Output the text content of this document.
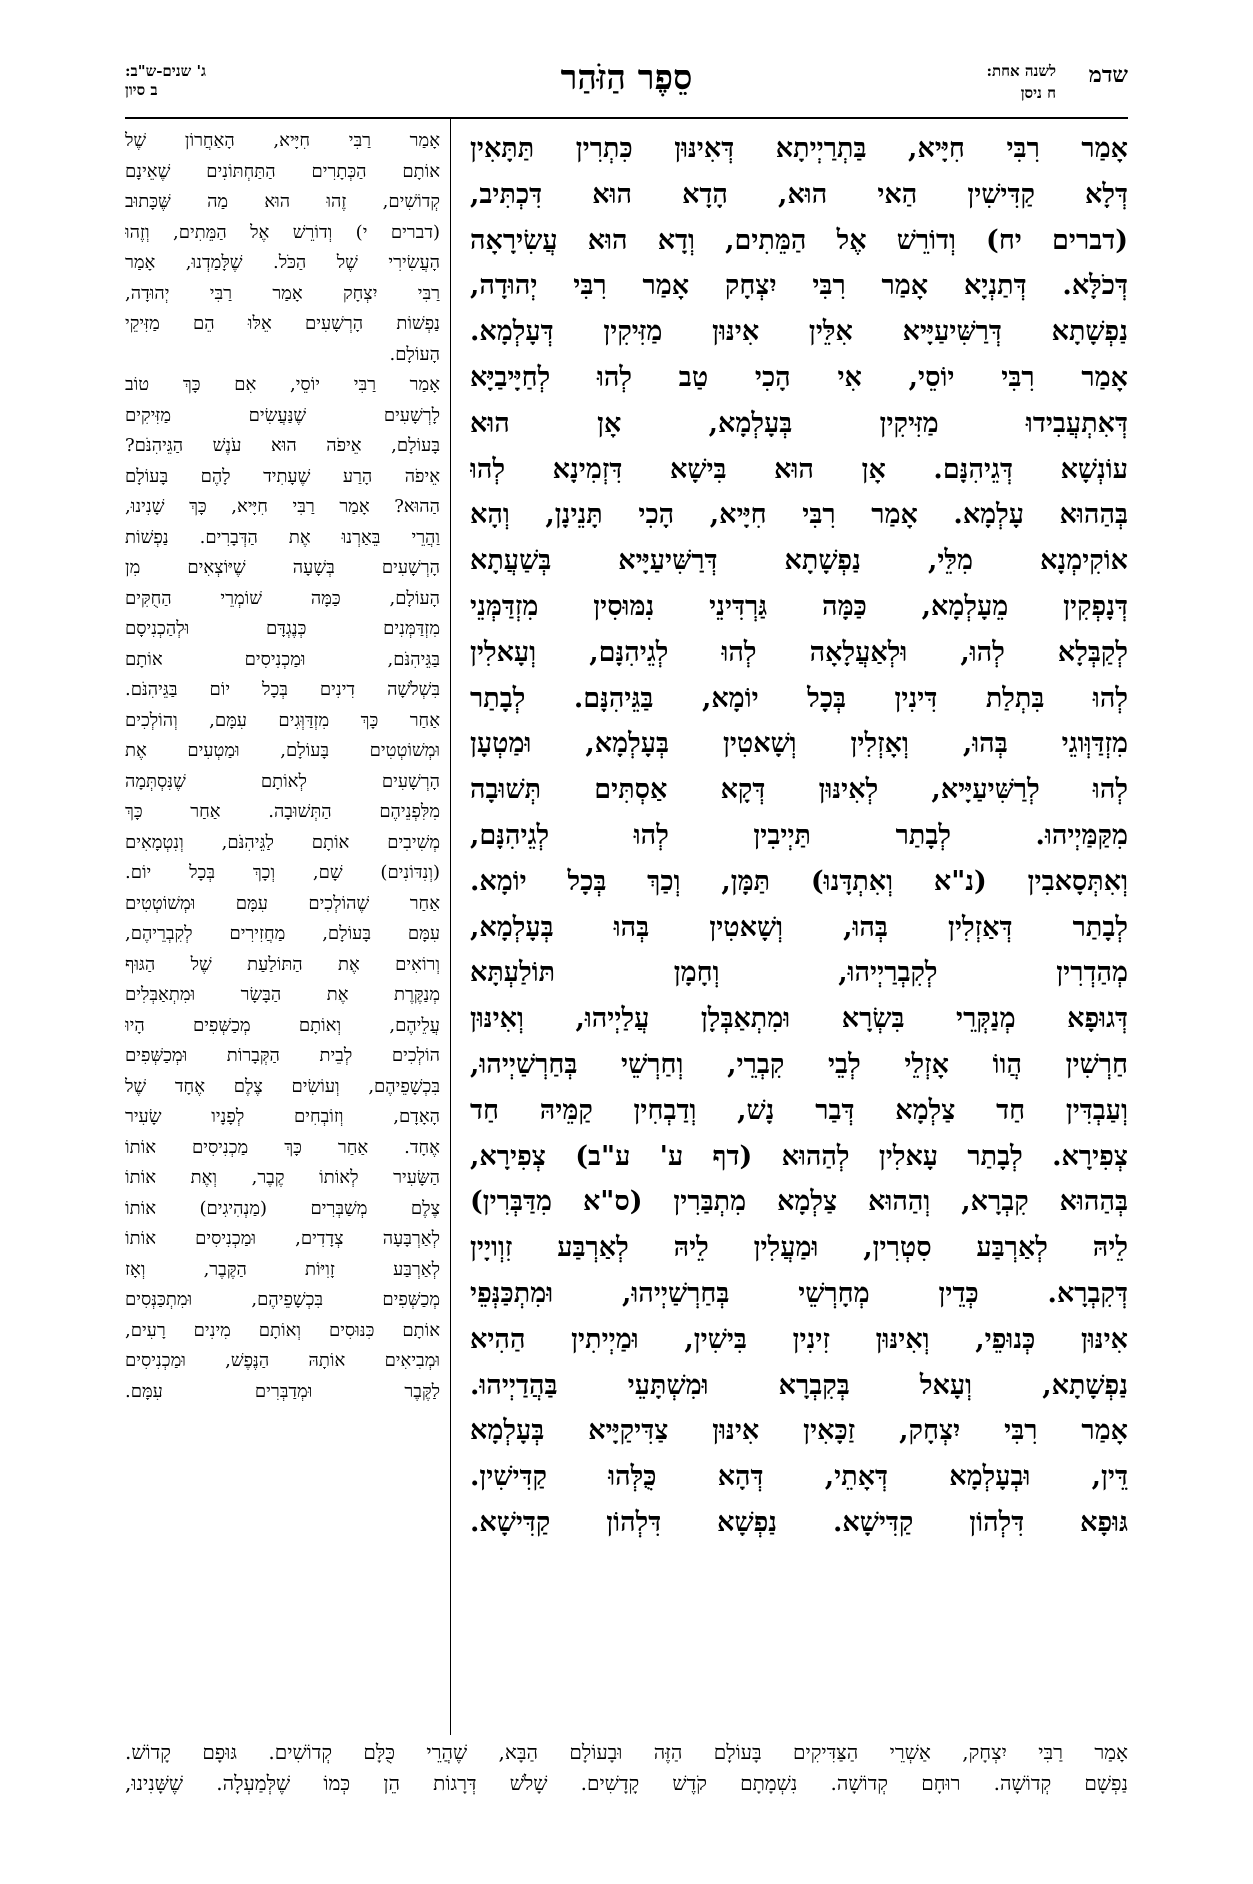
שדמ
לשנה אחת:
ח ניסן
סֵפֶר הַזֹּהַר
ג' שנים-ש"ב:
ב סיון
אָמַר רִבִּי חִיָּיא, בַּתְרַיְיתָא דְּאִינּוּן כִּתְרִין תַּתָּאִין
דְּלָא קַדִּישִׁין הַאי הוּא, הָדָא הוּא דִּכְתִּיב,
(דברים יח) וְדוֹרֵשׁ אֶל הַמֵּתִים, וְדָא הוּא עֲשִׂירָאָה
דְּכֹלָּא. דְּתַנְיָא אָמַר רִבִּי יִצְחָק אָמַר רִבִּי יְהוּדָה,
נַפְשָׁתָא דְּרַשִּׁיעַיָּיא אִלֵּין אִינּוּן מַזִּיקִין דְּעָלְמָא.
אָמַר רִבִּי יוֹסֵי, אִי הָכִי טַב לְהוּ לְחַיָּיבַיָּא
דְּאִתְעֲבִידוּ מַזִּיקִין בְּעָלְמָא, אָן הוּא
עוֹנְשָׁא דְּגֵיהִנָּם. אָן הוּא בִּישָׁא דִּזְמִינָא לְהוּ
בְּהַהוּא עָלְמָא. אָמַר רִבִּי חִיָּיא, הָכִי תָּנֵינָן, וְהָא
אוֹקִימְנָא מִלֵּי, נַפְשָׁתָא דְּרַשִּׁיעַיָּיא בְּשַׁעֲתָא
דְּנָפְקִין מֵעָלְמָא, כַּמָּה גַּרְדִּינֵי נִמּוּסִין מִזְדַּמְּנֵי
לְקַבְּלָא לְהוּ, וּלְאַעֲלָאָה לְהוּ לְגֵיהִנָּם, וְעָאלִין
לְהוּ בִּתְלַת דִּינִין בְּכָל יוֹמָא, בַּגֵּיהִנָּם. לְבָתַר
מִזְדַּוְּוגֵי בְּהוּ, וְאָזְלִין וְשָׁאטִין בְּעָלְמָא, וּמַטְעָן
לְהוּ לְרַשִּׁיעַיָּיא, לְאִינּוּן דְּקָא אַסְתִּים תְּשׁוּבָה
מִקַּמַּיְיהוּ. לְבָתַר תַּיְיבִין לְהוּ לְגֵיהִנָּם,
וְאִתְּסָאבִין (נ"א וְאִתְדָּנוּ) תַּמָּן, וְכַךְ בְּכָל יוֹמָא.
לְבָתַר דְּאַזְלִין בְּהוּ, וְשָׁאטִין בְּהוּ בְּעָלְמָא,
מְהַדְרִין לְקִבְרַיְיהוּ, וְחָמָן תּוֹלַעְתָּא
דְּגוּפָא מְנַקְּרֵי בִּשְׂרָא וּמִתְאַבְּלָן עֲלַיְיהוּ, וְאִינּוּן
חַרְשִׁין הֲווֹ אָזְלֵי לְבֵי קִבְרֵי, וְחַרְשֵׁי בְּחַרְשַׁיְיהוּ,
וְעַבְדִּין חַד צַלְמָא דְּבַר נָשׁ, וְדַבְחִין קַמֵּיהּ חַד
צְפִירָא. לְבָתַר עָאלִין לְהַהוּא (דף ע' ע"ב) צְפִירָא,
בְּהַהוּא קִבְרָא, וְהַהוּא צַלְמָא מִתְבַּרִין (ס"א מִדַּבְּרִין)
לֵיהּ לְאַרְבַּע סִטְרִין, וּמַעֲלִין לֵיהּ לְאַרְבַּע זִוְויָין
דְּקִבְרָא. כְּדֵין מְחָרְשֵׁי בְּחַרְשַׁיְיהוּ, וּמִתְכַּנְּפֵי
אִינּוּן כְּנוּפֵי, וְאִינּוּן זִינִין בִּישִׁין, וּמַיְיתִין הַהִיא
נַפְשָׁתָא, וְעָאל בְּקִבְרָא וּמִשְׁתָּעֵי בַּהֲדַיְיהוּ.
אָמַר רִבִּי יִצְחָק, זַכָּאִין אִינּוּן צַדִּיקַיָּיא בְּעָלְמָא
דֵּין, וּבְעָלְמָא דְּאָתֵי, דְּהָא כֻּלְּהוּ קַדִּישִׁין.
גּוּפָא דִּלְהוֹן קַדִּישָׁא. נַפְשָׁא דִּלְהוֹן קַדִּישָׁא.
אָמַר רַבִּי חִיָּיא, הָאַחֲרוֹן שֶׁל
אוֹתָם הַכְּתָרִים הַתַּחְתּוֹנִים שֶׁאֵינָם
קְדוֹשִׁים, זֶהוּ הוּא מַה שֶּׁכָּתוּב
(דברים י) וְדוֹרֵשׁ אֶל הַמֵּתִים, וְזֶהוּ
הָעֲשִׂירִי שֶׁל הַכֹּל. שֶׁלָּמַדְנוּ, אָמַר
רַבִּי יִצְחָק אָמַר רַבִּי יְהוּדָה,
נַפְשׁוֹת הָרְשָׁעִים אֵלּוּ הֵם מַזִּיקֵי
הָעוֹלָם.
אָמַר רַבִּי יוֹסֵי, אִם כָּךְ טוֹב
לָרְשָׁעִים שֶׁנַּעֲשִׂים מַזִּיקִים
בָּעוֹלָם, אֵיפֹה הוּא עֹנֶשׁ הַגֵּיהִנֹּם?
אֵיפֹה הָרַע שֶׁעָתִיד לָהֶם בָּעוֹלָם
הַהוּא? אָמַר רַבִּי חִיָּיא, כָּךְ שָׁנִינוּ,
וַהֲרֵי בֵּאַרְנוּ אֶת הַדְּבָרִים. נַפְשׁוֹת
הָרְשָׁעִים בְּשָׁעָה שֶׁיּוֹצְאִים מִן
הָעוֹלָם, כַּמָּה שׁוֹמְרֵי הַחֻקִּים
מִזְדַּמְּנִים כְּנֶגְדָּם וּלְהַכְנִיסָם
בַּגֵּיהִנֹּם, וּמַכְנִיסִים אוֹתָם
בִּשְׁלֹשָׁה דִינִים בְּכָל יוֹם בַּגֵּיהִנֹּם.
אַחַר כָּךְ מִזְדַּוְּגִים עִמָּם, וְהוֹלְכִים
וּמְשׁוֹטְטִים בָּעוֹלָם, וּמַטְעִים אֶת
הָרְשָׁעִים לְאוֹתָם שֶׁנִּסְתְּמָה
מִלִּפְנֵיהֶם הַתְּשׁוּבָה. אַחַר כָּךְ
מְשִׁיבִים אוֹתָם לַגֵּיהִנֹּם, וְנִטְמָאִים
(וְנִדּוֹנִים) שָׁם, וְכָךְ בְּכָל יוֹם.
אַחַר שֶׁהוֹלְכִים עִמָּם וּמְשׁוֹטְטִים
עִמָּם בָּעוֹלָם, מַחֲזִירִים לְקִבְרֵיהֶם,
וְרוֹאִים אֶת הַתּוֹלַעַת שֶׁל הַגּוּף
מְנַקֶּרֶת אֶת הַבָּשָׂר וּמִתְאַבְּלִים
עֲלֵיהֶם, וְאוֹתָם מְכַשְּׁפִים הָיוּ
הוֹלְכִים לְבֵית הַקְּבָרוֹת וּמְכַשְּׁפִים
בִּכְשָׁפֵיהֶם, וְעוֹשִׂים צֶלֶם אֶחָד שֶׁל
הָאָדָם, וְזוֹבְחִים לְפָנָיו שָׂעִיר
אֶחָד. אַחַר כָּךְ מַכְנִיסִים אוֹתוֹ
הַשָּׂעִיר לְאוֹתוֹ קֶבֶר, וְאֶת אוֹתוֹ
צֶלֶם מְשַׁבְּרִים (מַנְהִיגִים) אוֹתוֹ
לְאַרְבָּעָה צְדָדִים, וּמַכְנִיסִים אוֹתוֹ
לְאַרְבַּע זָוִיּוֹת הַקֶּבֶר, וְאָז
מְכַשְּׁפִים בִּכְשָׁפֵיהֶם, וּמִתְכַּנְּסִים
אוֹתָם כִּנּוּסִים וְאוֹתָם מִינִים רָעִים,
וּמְבִיאִים אוֹתָהּ הַנֶּפֶשׁ, וּמַכְנִיסִים
לַקֶּבֶר וּמְדַבְּרִים עִמָּם.
אָמַר רַבִּי יִצְחָק, אַשְׁרֵי הַצַּדִּיקִים בָּעוֹלָם הַזֶּה וּבָעוֹלָם הַבָּא, שֶׁהֲרֵי כֻּלָּם קְדוֹשִׁים. גּוּפָם קָדוֹשׁ.
נַפְשָׁם קְדוֹשָׁה. רוּחָם קְדוֹשָׁה. נִשְׁמָתָם קֹדֶשׁ קָדָשִׁים. שָׁלֹשׁ דְּרָגוֹת הֵן כְּמוֹ שֶׁלְּמַעְלָה. שֶׁשָּׁנִינוּ,
